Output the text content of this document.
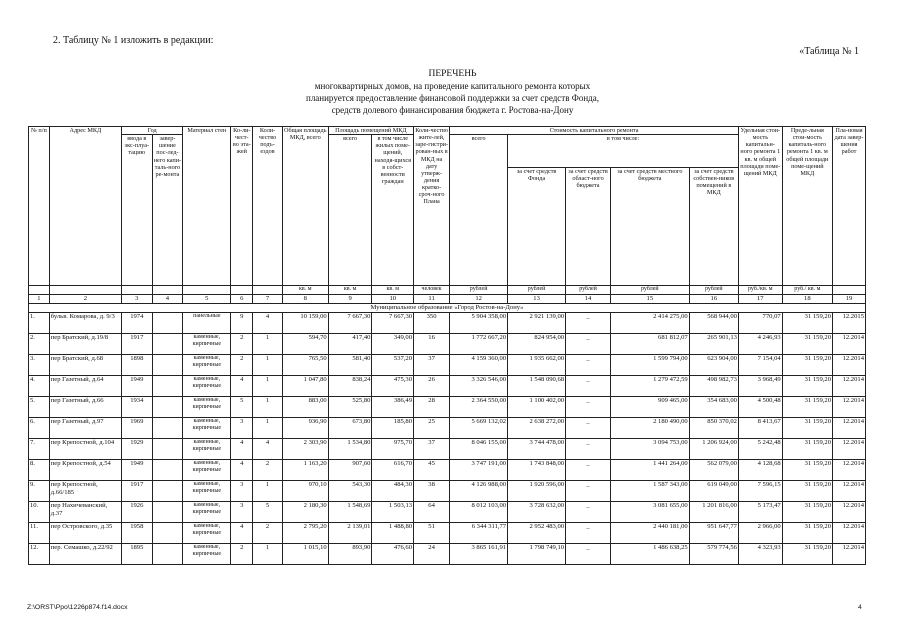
2. Таблицу № 1 изложить в редакции:
«Таблица № 1
ПЕРЕЧЕНЬ
многоквартирных домов, на проведение капитального ремонта которых
планируется предоставление финансовой поддержки за счет средств Фонда,
средств долевого финансирования бюджета г. Ростова-на-Дону
№ п/п	Адрес МКД	Год		Материал стен	Ко-ли-чест-во эта-жей	Коли-чество подъ-ездов	Общая площадь МКД, всего	Площадь помещений МКД		Коли-чество жите-лей, заре-гистри-рован-ных в МКД на дату утверж-дения кратко-сроч-ного Плана	Стоимость капитального ремонта					Удельная стои-мость капитальн-ного ремонта 1 кв. м общей площади поме-щений МКД	Преде-льная стои-мость капиталь-ного ремонта 1 кв. м общей площади поме-щений МКД	Пла-новая дата завер-шения работ
		ввода в экс-плуа-тацию	завер-шение пос-лед-него капи-таль-ного ре-монта					всего	в том числе жилых поме-щений, находя-щихся в собст-венности граждан		всего	в том числе:						
												за счет средств Фонда	за счет средств област-ного бюджета	за счет средств местного бюджета	за счет средств собствен-ников помещений в МКД			
							кв. м	кв. м	кв. м	человек	рублей	рублей	рублей	рублей	рублей	руб./кв. м	руб./ кв. м	
1	2	3	4	5	6	7	8	9	10	11	12	13	14	15	16	17	18	19
Муниципальное образование «Город Ростов-на-Дону»																		
1.	бульв. Комарова, д. 9/3	1974		панельные	9	4	10 159,00	7 667,30	7 667,30	350	5 904 358,00	2 921 139,00	_	2 414 275,00	568 944,00	770,07	31 159,20	12.2015
2.	пер Братский, д.19/8	1917		каменные, кирпичные	2	1	594,70	417,40	349,00	16	1 772 667,20	824 954,00	_	681 812,07	265 901,13	4 246,93	31 159,20	12.2014
3.	пер Братский, д.68	1898		каменные, кирпичные	2	1	765,50	581,40	537,20	37	4 159 360,00	1 935 662,00	_	1 599 794,00	623 904,00	7 154,04	31 159,20	12.2014
4.	пер Газетный, д.64	1949		каменные, кирпичные	4	1	1 047,80	838,24	475,30	26	3 326 546,00	1 548 090,68	_	1 279 472,59	498 982,73	3 968,49	31 159,20	12.2014
5.	пер Газетный, д.66	1934		каменные, кирпичные	5	1	883,00	525,80	386,49	28	2 364 550,00	1 100 402,00	_	909 465,00	354 683,00	4 500,48	31 159,20	12.2014
6.	пер Газетный, д.97	1969		каменные, кирпичные	3	1	936,90	673,80	185,80	25	5 669 132,02	2 638 272,00	_	2 180 490,00	850 370,02	8 413,67	31 159,20	12.2014
7.	пер Крепостной, д.104	1929		каменные, кирпичные	4	4	2 303,90	1 534,80	975,70	37	8 046 155,00	3 744 478,00	_	3 094 753,00	1 206 924,00	5 242,48	31 159,20	12.2014
8.	пер Крепостной, д.54	1949		каменные, кирпичные	4	2	1 163,20	907,60	616,70	45	3 747 191,00	1 743 848,00	_	1 441 264,00	562 079,00	4 128,68	31 159,20	12.2014
9.	пер Крепостной, д.66/185	1917		каменные, кирпичные	3	1	970,10	543,30	484,30	38	4 126 988,00	1 920 596,00	_	1 587 343,00	619 049,00	7 596,15	31 159,20	12.2014
10.	пер Нахичеванский, д.37	1926		каменные, кирпичные	3	5	2 180,30	1 548,69	1 503,13	64	8 012 103,00	3 728 632,00	_	3 081 655,00	1 201 816,00	5 173,47	31 159,20	12.2014
11.	пер Островского, д.35	1958		каменные, кирпичные	4	2	2 795,20	2 139,01	1 488,80	51	6 344 311,77	2 952 483,00	_	2 440 181,00	951 647,77	2 966,00	31 159,20	12.2014
12.	пер. Семашко, д.22/92	1895		каменные, кирпичные	2	1	1 015,10	893,90	476,60	24	3 865 161,91	1 798 749,10	_	1 486 638,25	579 774,56	4 323,93	31 159,20	12.2014
Z:\ORST\Ppo\1226p874.f14.docx	4
